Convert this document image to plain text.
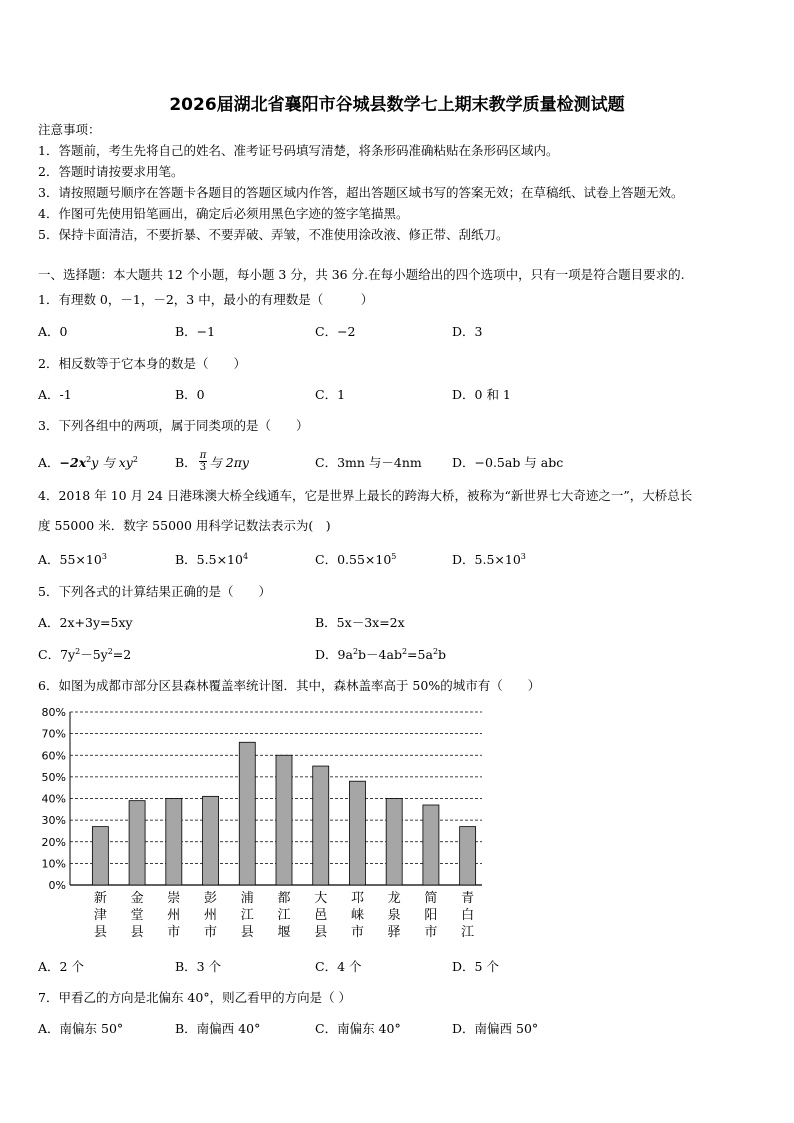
2026届湖北省襄阳市谷城县数学七上期末教学质量检测试题
注意事项：
1．答题前，考生先将自己的姓名、准考证号码填写清楚，将条形码准确粘贴在条形码区域内。
2．答题时请按要求用笔。
3．请按照题号顺序在答题卡各题目的答题区域内作答，超出答题区域书写的答案无效；在草稿纸、试卷上答题无效。
4．作图可先使用铅笔画出，确定后必须用黑色字迹的签字笔描黑。
5．保持卡面清洁，不要折暴、不要弄破、弄皱，不准使用涂改液、修正带、刮纸刀。
一、选择题：本大题共 12 个小题，每小题 3 分，共 36 分.在每小题给出的四个选项中，只有一项是符合题目要求的.
1．有理数 0，－1，－2，3 中，最小的有理数是（　　　）
A．0	B．−1	C．−2	D．3
2．相反数等于它本身的数是（　　）
A．-1	B．0	C．1	D．0 和 1
3．下列各组中的两项，属于同类项的是（　　）
A．$-2x^2y$ 与 $xy^2$	B． $\frac{\pi}{3}$ 与 2πy	C．3mn 与－4nm D．−0.5ab 与 abc
4．2018 年 10 月 24 日港珠澳大桥全线通车，它是世界上最长的跨海大桥，被称为“新世界七大奇迹之一”，大桥总长
度 55000 米．数字 55000 用科学记数法表示为(　)
A．$55\times 10^3$	B．$5.5\times 10^4$	C．$0.55\times 10^5$	D．$5.5\times 10^3$
5．下列各式的计算结果正确的是（　　）
A．2x+3y=5xy	B．5x－3x=2x
C．$7y^2-5y^2=2$	D．$9a^2b-4ab^2=5a^2b$
6．如图为成都市部分区县森林覆盖率统计图．其中，森林盖率高于 50%的城市有（　　）
0%
10%
20%
30%
40%
50%
60%
70%
80%
新津县
金堂县
崇州市
彭州市
浦江县
都江堰
大邑县
邛崃市
龙泉驿
简阳市
青白江
A．2 个	B．3 个	C．4 个	D．5 个
7．甲看乙的方向是北偏东 40°，则乙看甲的方向是（ ）
A．南偏东 50°	B．南偏西 40°	C．南偏东 40°	D．南偏西 50°
